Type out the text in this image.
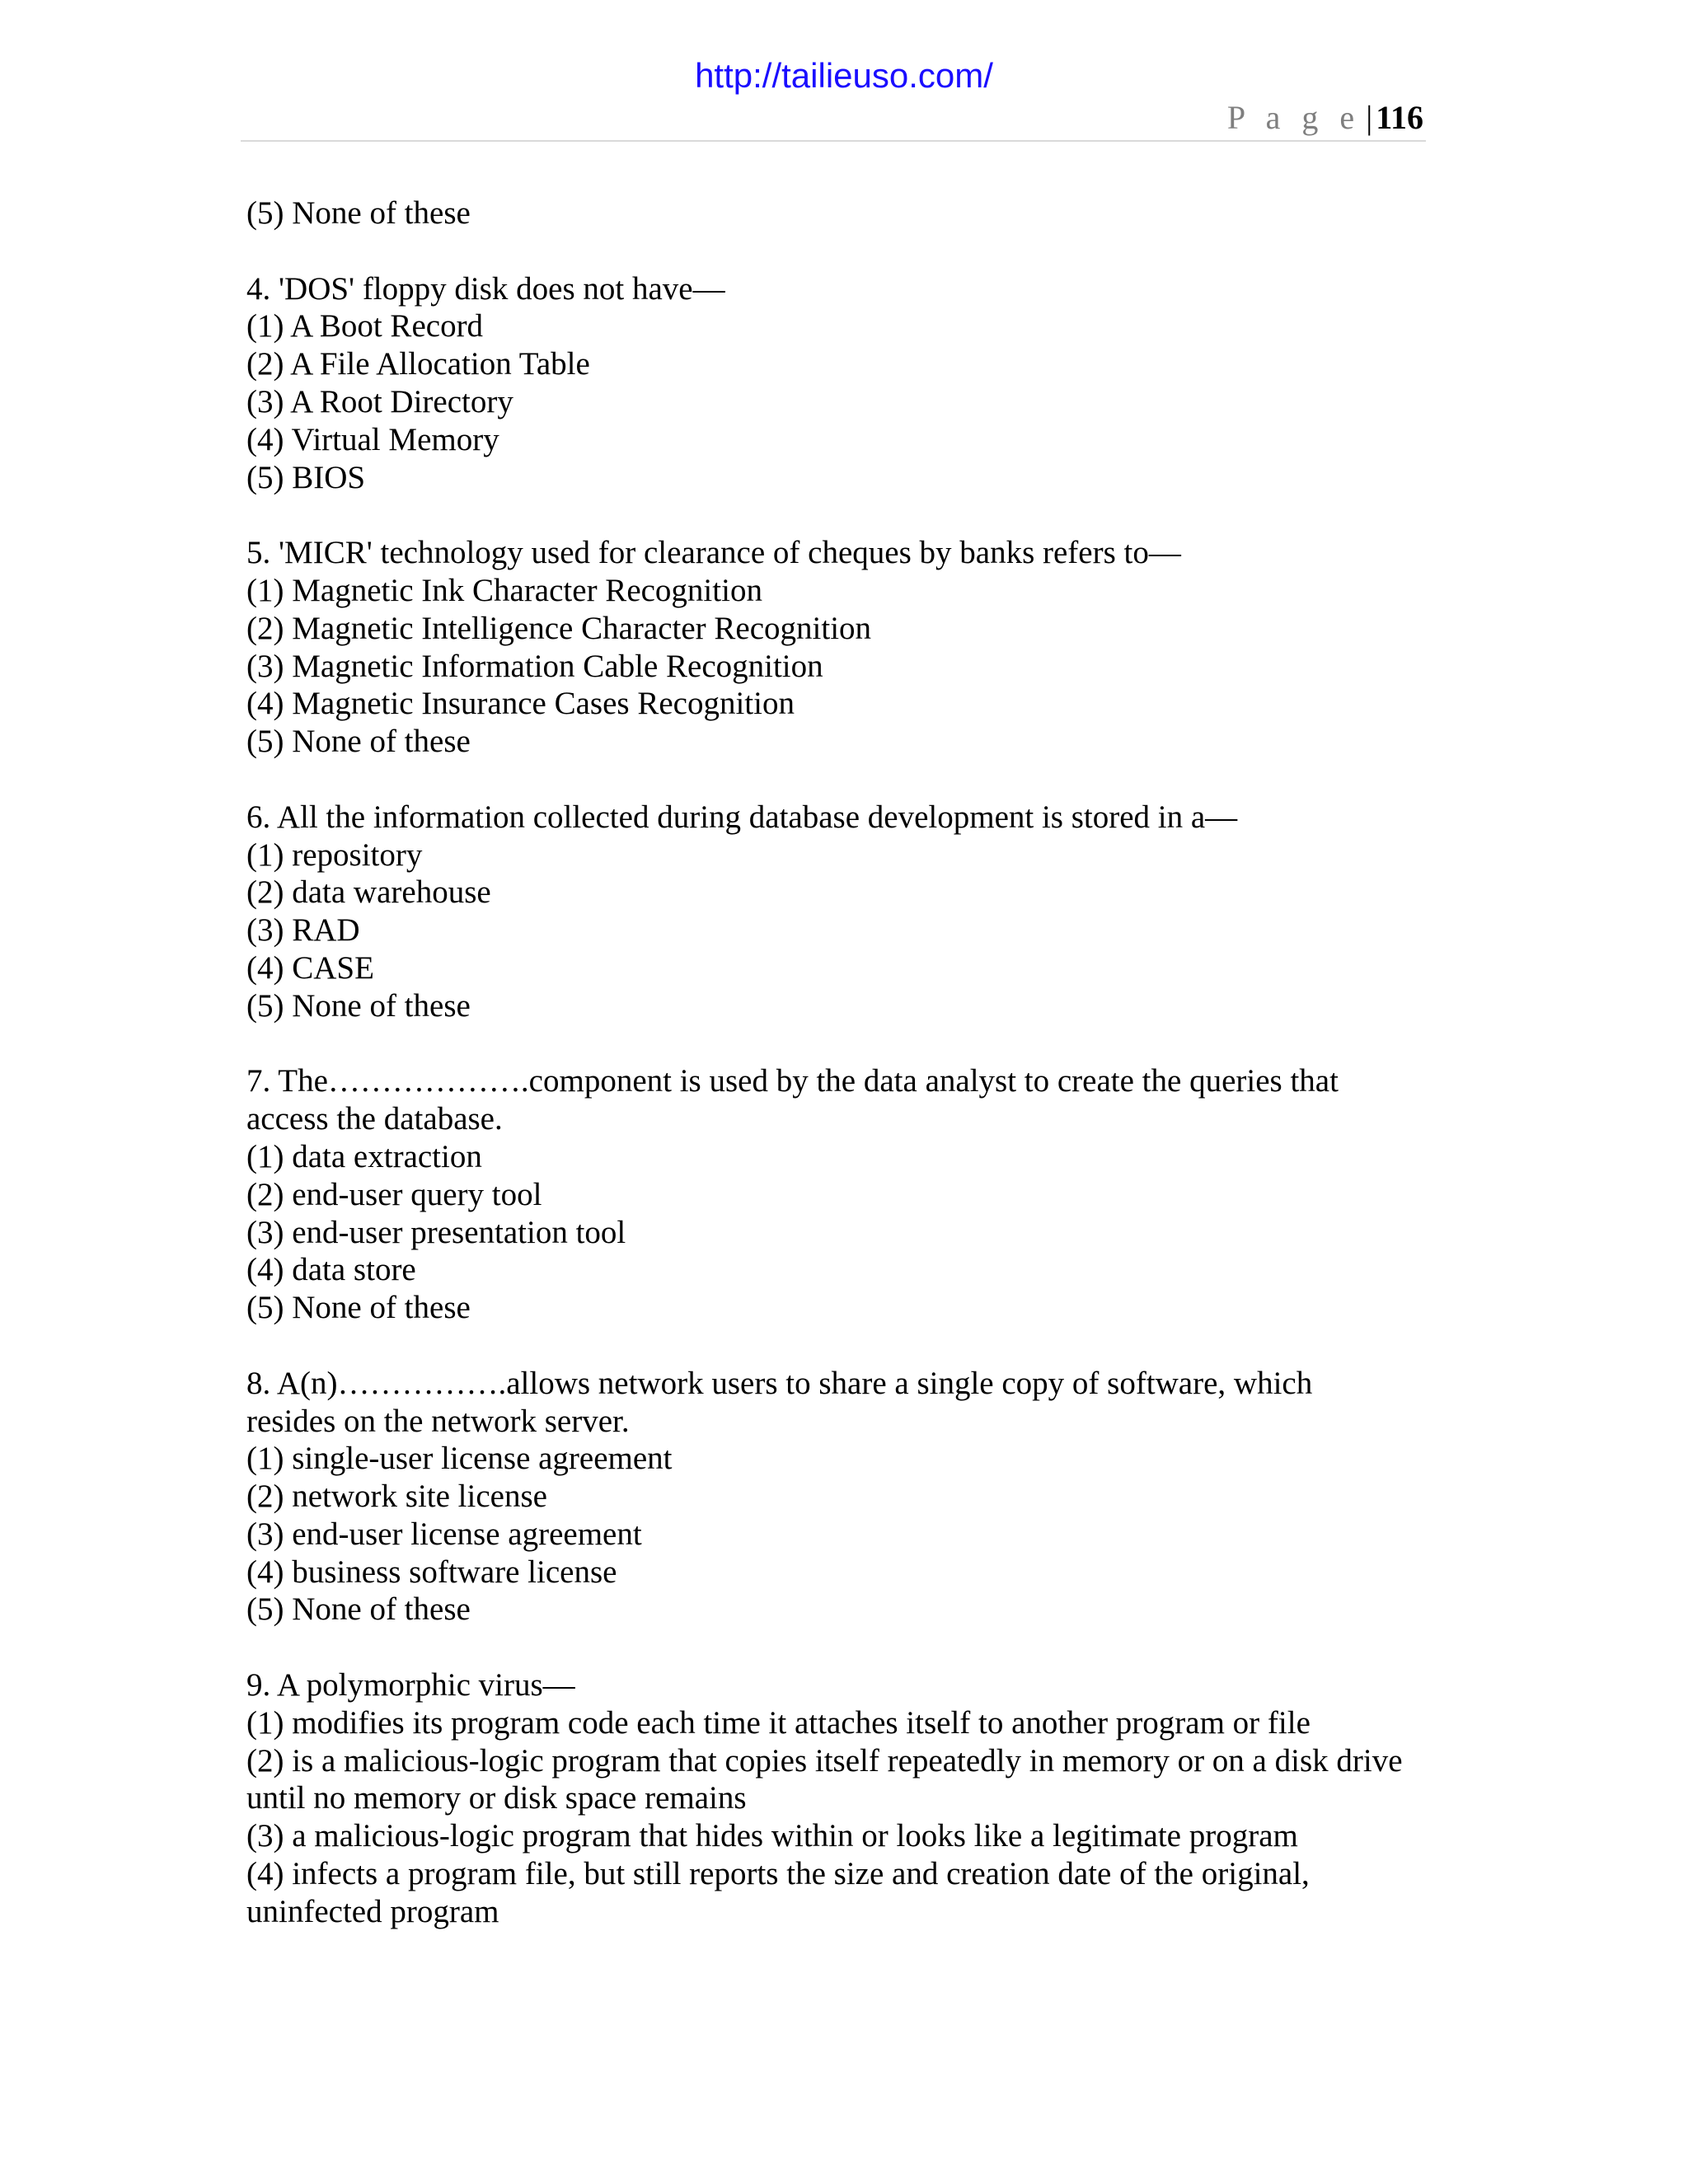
http://tailieuso.com/
P a g e | 116
(5) None of these
4. 'DOS' floppy disk does not have—
(1) A Boot Record
(2) A File Allocation Table
(3) A Root Directory
(4) Virtual Memory
(5) BIOS
5. 'MICR' technology used for clearance of cheques by banks refers to—
(1) Magnetic Ink Character Recognition
(2) Magnetic Intelligence Character Recognition
(3) Magnetic Information Cable Recognition
(4) Magnetic Insurance Cases Recognition
(5) None of these
6. All the information collected during database development is stored in a—
(1) repository
(2) data warehouse
(3) RAD
(4) CASE
(5) None of these
7. The……………….component is used by the data analyst to create the queries that
access the database.
(1) data extraction
(2) end-user query tool
(3) end-user presentation tool
(4) data store
(5) None of these
8. A(n)…………….allows network users to share a single copy of software, which
resides on the network server.
(1) single-user license agreement
(2) network site license
(3) end-user license agreement
(4) business software license
(5) None of these
9. A polymorphic virus—
(1) modifies its program code each time it attaches itself to another program or file
(2) is a malicious-logic program that copies itself repeatedly in memory or on a disk drive
until no memory or disk space remains
(3) a malicious-logic program that hides within or looks like a legitimate program
(4) infects a program file, but still reports the size and creation date of the original,
uninfected program
